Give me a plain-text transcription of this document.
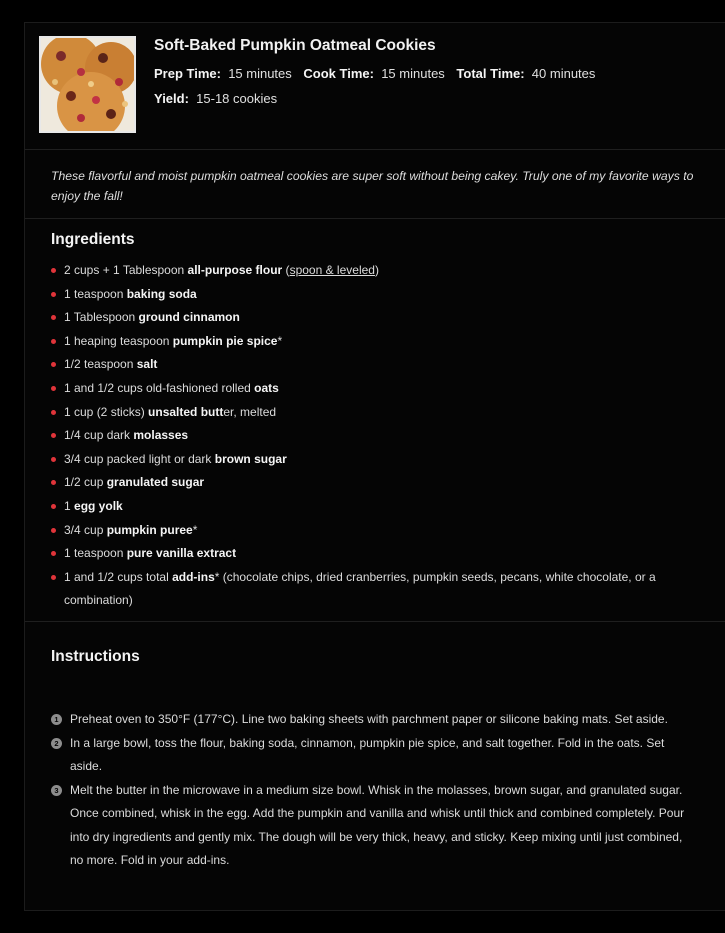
Soft-Baked Pumpkin Oatmeal Cookies
Prep Time: 15 minutes Cook Time: 15 minutes Total Time: 40 minutes
Yield: 15-18 cookies

These flavorful and moist pumpkin oatmeal cookies are super soft without being cakey. Truly one of my favorite ways to enjoy the fall!

Ingredients
2 cups + 1 Tablespoon all-purpose flour (spoon & leveled)
1 teaspoon baking soda
1 Tablespoon ground cinnamon
1 heaping teaspoon pumpkin pie spice*
1/2 teaspoon salt
1 and 1/2 cups old-fashioned rolled oats
1 cup (2 sticks) unsalted butter, melted
1/4 cup dark molasses
3/4 cup packed light or dark brown sugar
1/2 cup granulated sugar
1 egg yolk
3/4 cup pumpkin puree*
1 teaspoon pure vanilla extract
1 and 1/2 cups total add-ins* (chocolate chips, dried cranberries, pumpkin seeds, pecans, white chocolate, or a combination)
Instructions
1 Preheat oven to 350°F (177°C). Line two baking sheets with parchment paper or silicone baking mats. Set aside.
2 In a large bowl, toss the flour, baking soda, cinnamon, pumpkin pie spice, and salt together. Fold in the oats. Set aside.
3 Melt the butter in the microwave in a medium size bowl. Whisk in the molasses, brown sugar, and granulated sugar. Once combined, whisk in the egg. Add the pumpkin and vanilla and whisk until thick and combined completely. Pour into dry ingredients and gently mix. The dough will be very thick, heavy, and sticky. Keep mixing until just combined, no more. Fold in your add-ins.
